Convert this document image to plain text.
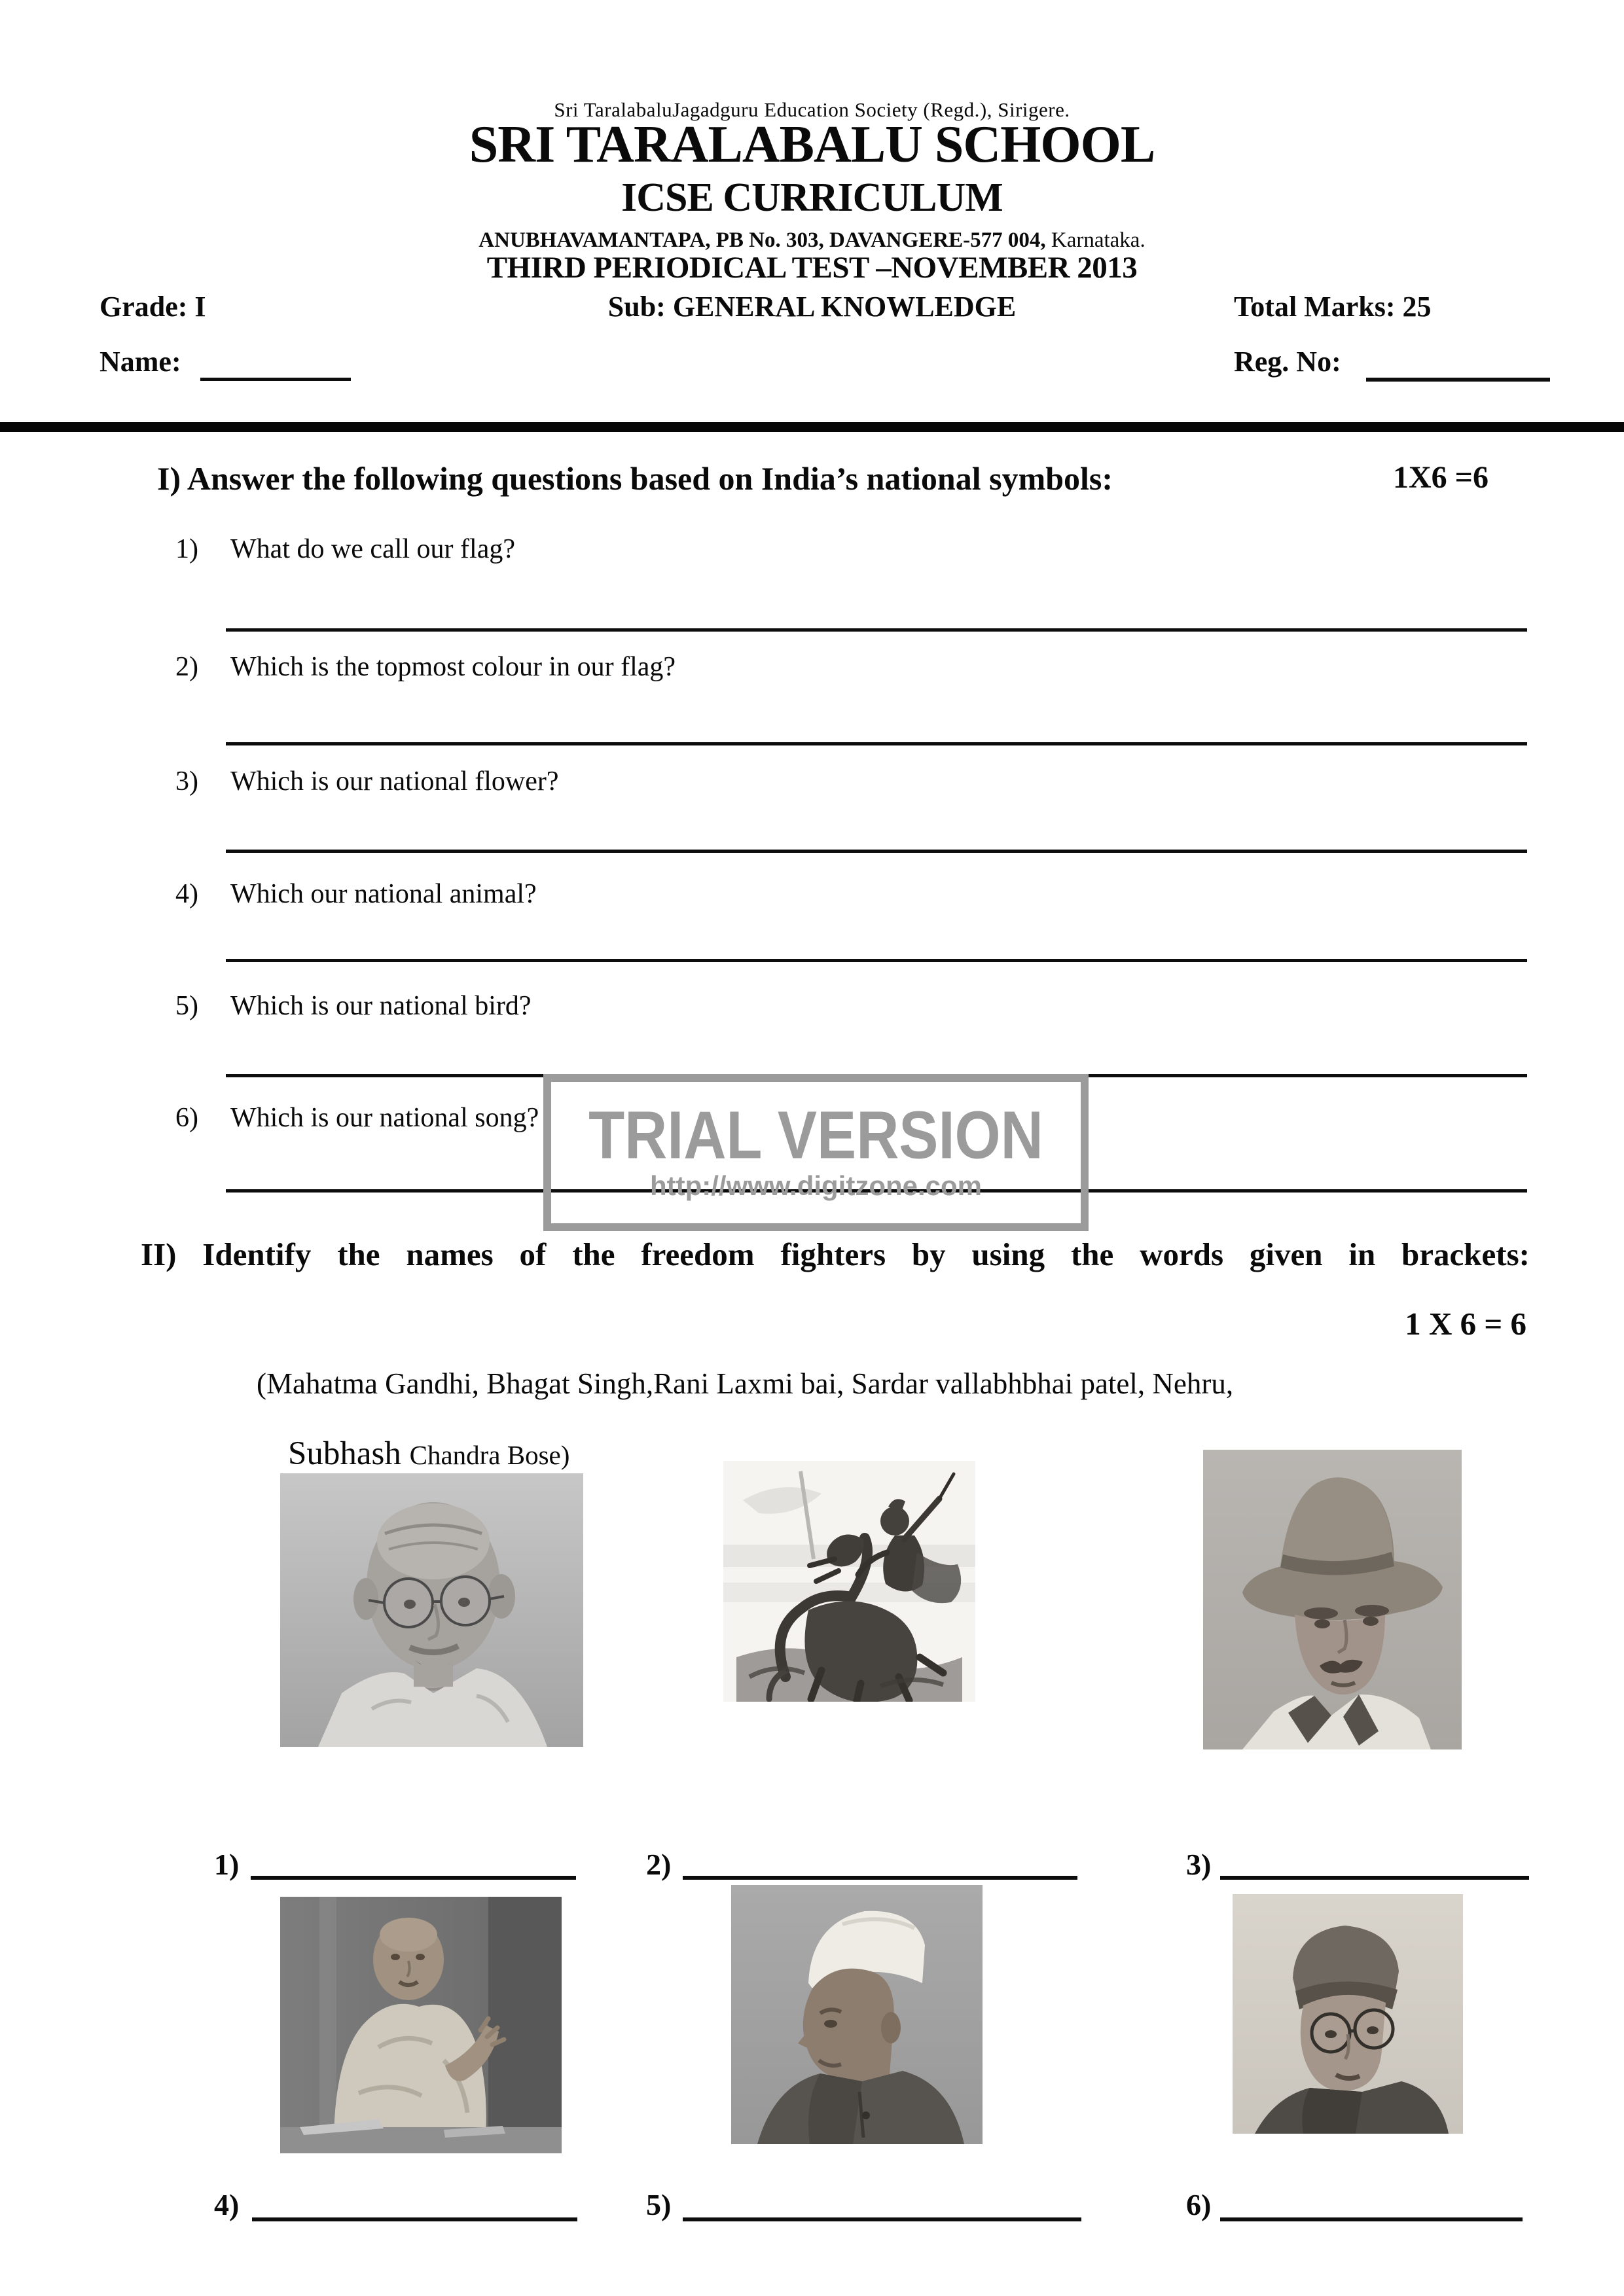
Sri TaralabaluJagadguru Education Society (Regd.), Sirigere.
SRI TARALABALU SCHOOL
ICSE CURRICULUM
ANUBHAVAMANTAPA, PB No. 303, DAVANGERE-577 004, Karnataka.
THIRD PERIODICAL TEST –NOVEMBER 2013
Grade: I	Sub: GENERAL KNOWLEDGE	Total Marks: 25
Name:	Reg. No:
I) Answer the following questions based on India’s national symbols:	1X6 =6
1)	What do we call our flag?
2)	Which is the topmost colour in our flag?
3)	Which is our national flower?
4)	Which our national animal?
5)	Which is our national bird?
6)	Which is our national song? TRIAL VERSION
http://www.digitzone.com
II) Identify the names of the freedom fighters by using the words given in brackets:
1 X 6 = 6
(Mahatma Gandhi, Bhagat Singh,Rani Laxmi bai, Sardar vallabhbhai patel, Nehru,
Subhash Chandra Bose)
1)	2)	3)
4)	5)	6)
